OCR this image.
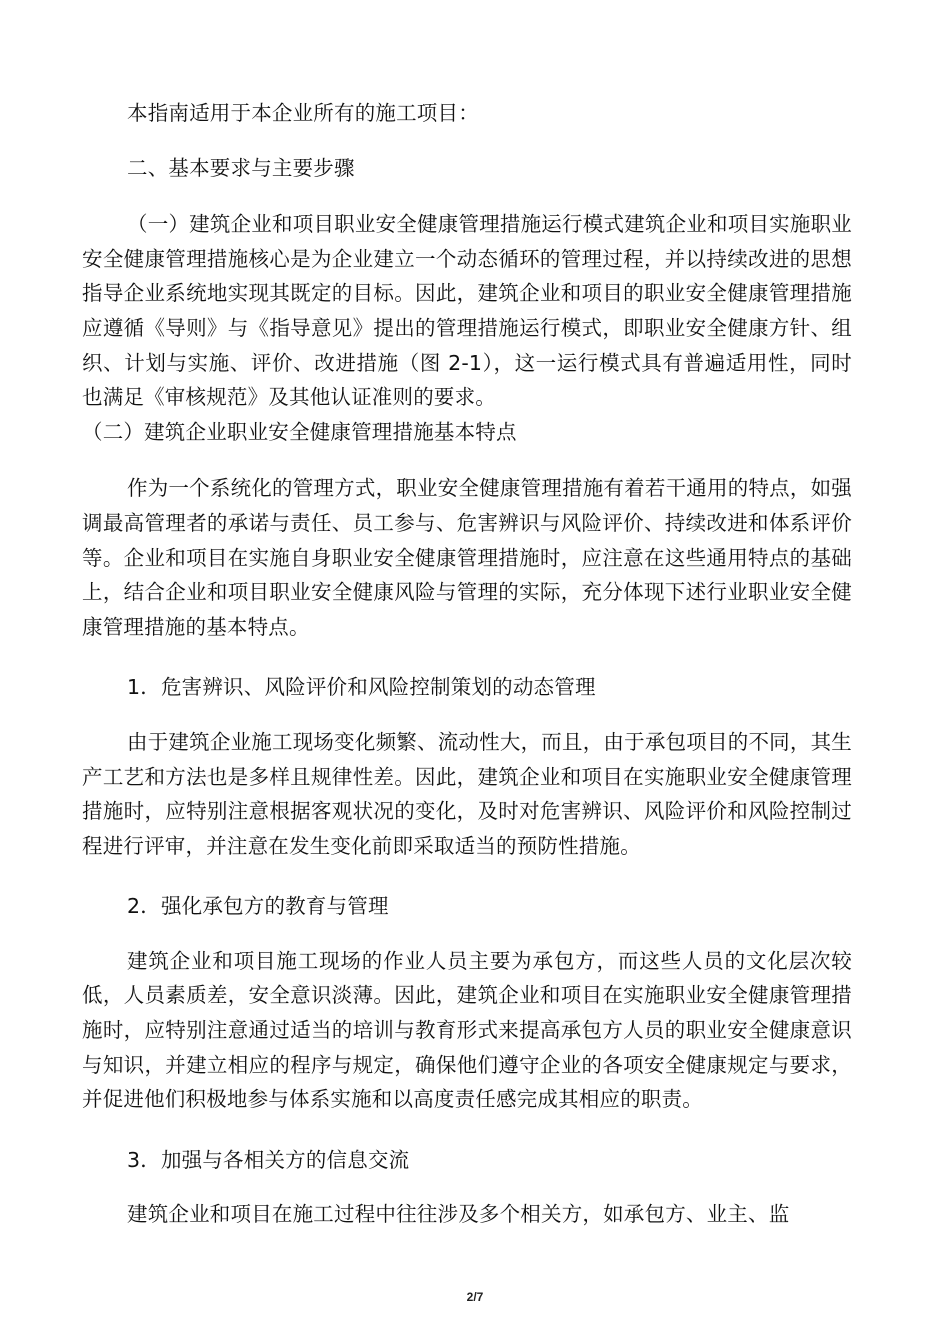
本指南适用于本企业所有的施工项目：

二、基本要求与主要步骤

（一）建筑企业和项目职业安全健康管理措施运行模式建筑企业和项目实施职业安全健康管理措施核心是为企业建立一个动态循环的管理过程，并以持续改进的思想指导企业系统地实现其既定的目标。因此，建筑企业和项目的职业安全健康管理措施应遵循《导则》与《指导意见》提出的管理措施运行模式，即职业安全健康方针、组织、计划与实施、评价、改进措施（图 2-1），这一运行模式具有普遍适用性，同时也满足《审核规范》及其他认证准则的要求。

（二）建筑企业职业安全健康管理措施基本特点

作为一个系统化的管理方式，职业安全健康管理措施有着若干通用的特点，如强调最高管理者的承诺与责任、员工参与、危害辨识与风险评价、持续改进和体系评价等。企业和项目在实施自身职业安全健康管理措施时，应注意在这些通用特点的基础上，结合企业和项目职业安全健康风险与管理的实际，充分体现下述行业职业安全健康管理措施的基本特点。

1．危害辨识、风险评价和风险控制策划的动态管理

由于建筑企业施工现场变化频繁、流动性大，而且，由于承包项目的不同，其生产工艺和方法也是多样且规律性差。因此，建筑企业和项目在实施职业安全健康管理措施时，应特别注意根据客观状况的变化，及时对危害辨识、风险评价和风险控制过程进行评审，并注意在发生变化前即采取适当的预防性措施。

2．强化承包方的教育与管理

建筑企业和项目施工现场的作业人员主要为承包方，而这些人员的文化层次较低，人员素质差，安全意识淡薄。因此，建筑企业和项目在实施职业安全健康管理措施时，应特别注意通过适当的培训与教育形式来提高承包方人员的职业安全健康意识与知识，并建立相应的程序与规定，确保他们遵守企业的各项安全健康规定与要求，并促进他们积极地参与体系实施和以高度责任感完成其相应的职责。

3．加强与各相关方的信息交流

建筑企业和项目在施工过程中往往涉及多个相关方，如承包方、业主、监

2/7
